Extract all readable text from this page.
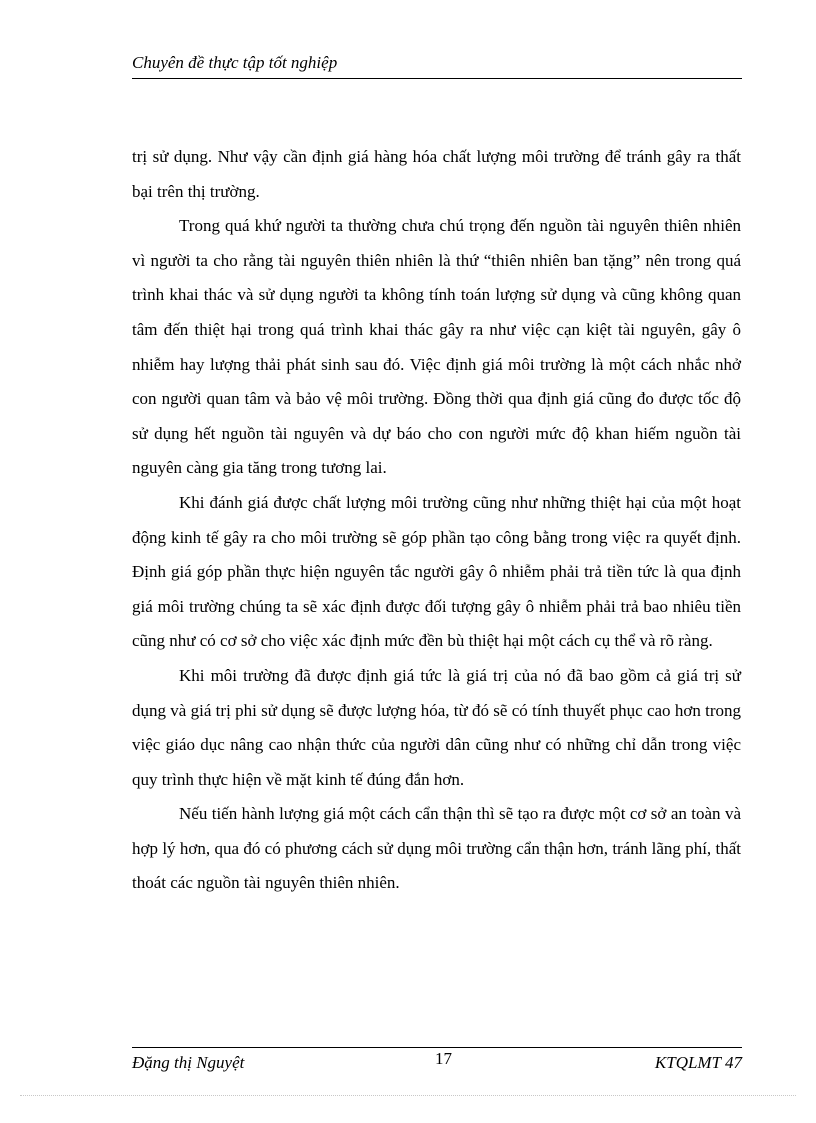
Chuyên đề thực tập tốt nghiệp

trị sử dụng. Như vậy cần định giá hàng hóa chất lượng môi trường để tránh gây ra thất bại trên thị trường.

Trong quá khứ người ta thường chưa chú trọng đến nguồn tài nguyên thiên nhiên vì người ta cho rằng tài nguyên thiên nhiên là thứ “thiên nhiên ban tặng” nên trong quá trình khai thác và sử dụng người ta không tính toán lượng sử dụng và cũng không quan tâm đến thiệt hại trong quá trình khai thác gây ra như việc cạn kiệt tài nguyên, gây ô nhiễm hay lượng thải phát sinh sau đó. Việc định giá môi trường là một cách nhắc nhở con người quan tâm và bảo vệ môi trường. Đồng thời qua định giá cũng đo được tốc độ sử dụng hết nguồn tài nguyên và dự báo cho con người mức độ khan hiếm nguồn tài nguyên càng gia tăng trong tương lai.

Khi đánh giá được chất lượng môi trường cũng như những thiệt hại của một hoạt động kinh tế gây ra cho môi trường sẽ góp phần tạo công bằng trong việc ra quyết định. Định giá góp phần thực hiện nguyên tắc người gây ô nhiễm phải trả tiền tức là qua định giá môi trường chúng ta sẽ xác định được đối tượng gây ô nhiễm phải trả bao nhiêu tiền cũng như có cơ sở cho việc xác định mức đền bù thiệt hại một cách cụ thể và rõ ràng.

Khi môi trường đã được định giá tức là giá trị của nó đã bao gồm cả giá trị sử dụng và giá trị phi sử dụng sẽ được lượng hóa, từ đó sẽ có tính thuyết phục cao hơn trong việc giáo dục nâng cao nhận thức của người dân cũng như có những chỉ dẫn trong việc quy trình thực hiện về mặt kinh tế đúng đắn hơn.

Nếu tiến hành lượng giá một cách cẩn thận thì sẽ tạo ra được một cơ sở an toàn và hợp lý hơn, qua đó có phương cách sử dụng môi trường cẩn thận hơn, tránh lãng phí, thất thoát các nguồn tài nguyên thiên nhiên.

Đặng thị Nguyệt	17	KTQLMT 47
